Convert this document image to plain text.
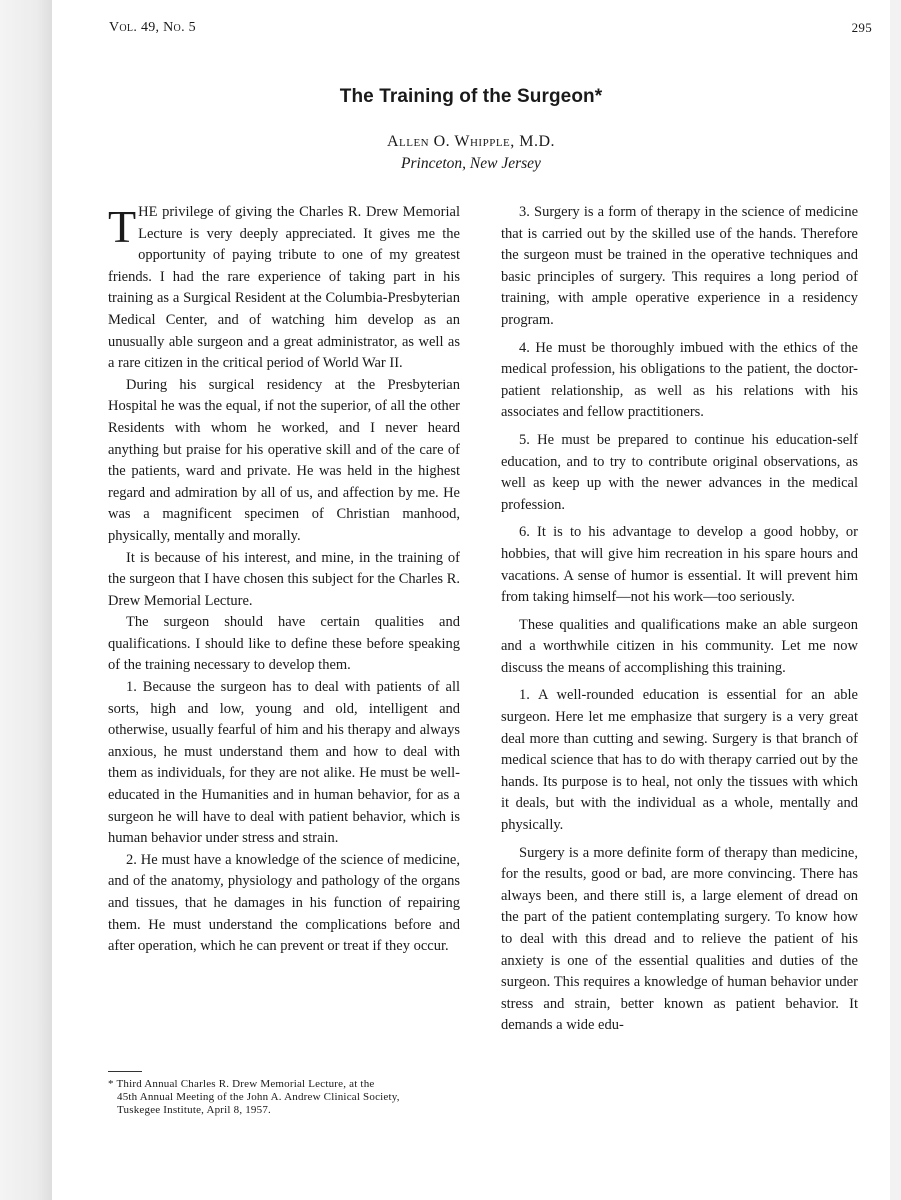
Vol. 49, No. 5	295
The Training of the Surgeon*
Allen O. Whipple, M.D.
Princeton, New Jersey

THE privilege of giving the Charles R. Drew Memorial Lecture is very deeply appreciated. It gives me the opportunity of paying tribute to one of my greatest friends. I had the rare experience of taking part in his training as a Surgical Resident at the Columbia-Presbyterian Medical Center, and of watching him develop as an unusually able surgeon and a great administrator, as well as a rare citizen in the critical period of World War II.

During his surgical residency at the Presbyterian Hospital he was the equal, if not the superior, of all the other Residents with whom he worked, and I never heard anything but praise for his operative skill and of the care of the patients, ward and private. He was held in the highest regard and admiration by all of us, and affection by me. He was a magnificent specimen of Christian manhood, physically, mentally and morally.

It is because of his interest, and mine, in the training of the surgeon that I have chosen this subject for the Charles R. Drew Memorial Lecture.

The surgeon should have certain qualities and qualifications. I should like to define these before speaking of the training necessary to develop them.

1. Because the surgeon has to deal with patients of all sorts, high and low, young and old, intelligent and otherwise, usually fearful of him and his therapy and always anxious, he must understand them and how to deal with them as individuals, for they are not alike. He must be well-educated in the Humanities and in human behavior, for as a surgeon he will have to deal with patient behavior, which is human behavior under stress and strain.

2. He must have a knowledge of the science of medicine, and of the anatomy, physiology and pathology of the organs and tissues, that he damages in his function of repairing them. He must understand the complications before and after operation, which he can prevent or treat if they occur.

3. Surgery is a form of therapy in the science of medicine that is carried out by the skilled use of the hands. Therefore the surgeon must be trained in the operative techniques and basic principles of surgery. This requires a long period of training, with ample operative experience in a residency program.

4. He must be thoroughly imbued with the ethics of the medical profession, his obligations to the patient, the doctor-patient relationship, as well as his relations with his associates and fellow practitioners.

5. He must be prepared to continue his education-self education, and to try to contribute original observations, as well as keep up with the newer advances in the medical profession.

6. It is to his advantage to develop a good hobby, or hobbies, that will give him recreation in his spare hours and vacations. A sense of humor is essential. It will prevent him from taking himself—not his work—too seriously.

These qualities and qualifications make an able surgeon and a worthwhile citizen in his community. Let me now discuss the means of accomplishing this training.

1. A well-rounded education is essential for an able surgeon. Here let me emphasize that surgery is a very great deal more than cutting and sewing. Surgery is that branch of medical science that has to do with therapy carried out by the hands. Its purpose is to heal, not only the tissues with which it deals, but with the individual as a whole, mentally and physically.

Surgery is a more definite form of therapy than medicine, for the results, good or bad, are more convincing. There has always been, and there still is, a large element of dread on the part of the patient contemplating surgery. To know how to deal with this dread and to relieve the patient of his anxiety is one of the essential qualities and duties of the surgeon. This requires a knowledge of human behavior under stress and strain, better known as patient behavior. It demands a wide edu-

* Third Annual Charles R. Drew Memorial Lecture, at the
45th Annual Meeting of the John A. Andrew Clinical Society,
Tuskegee Institute, April 8, 1957.
